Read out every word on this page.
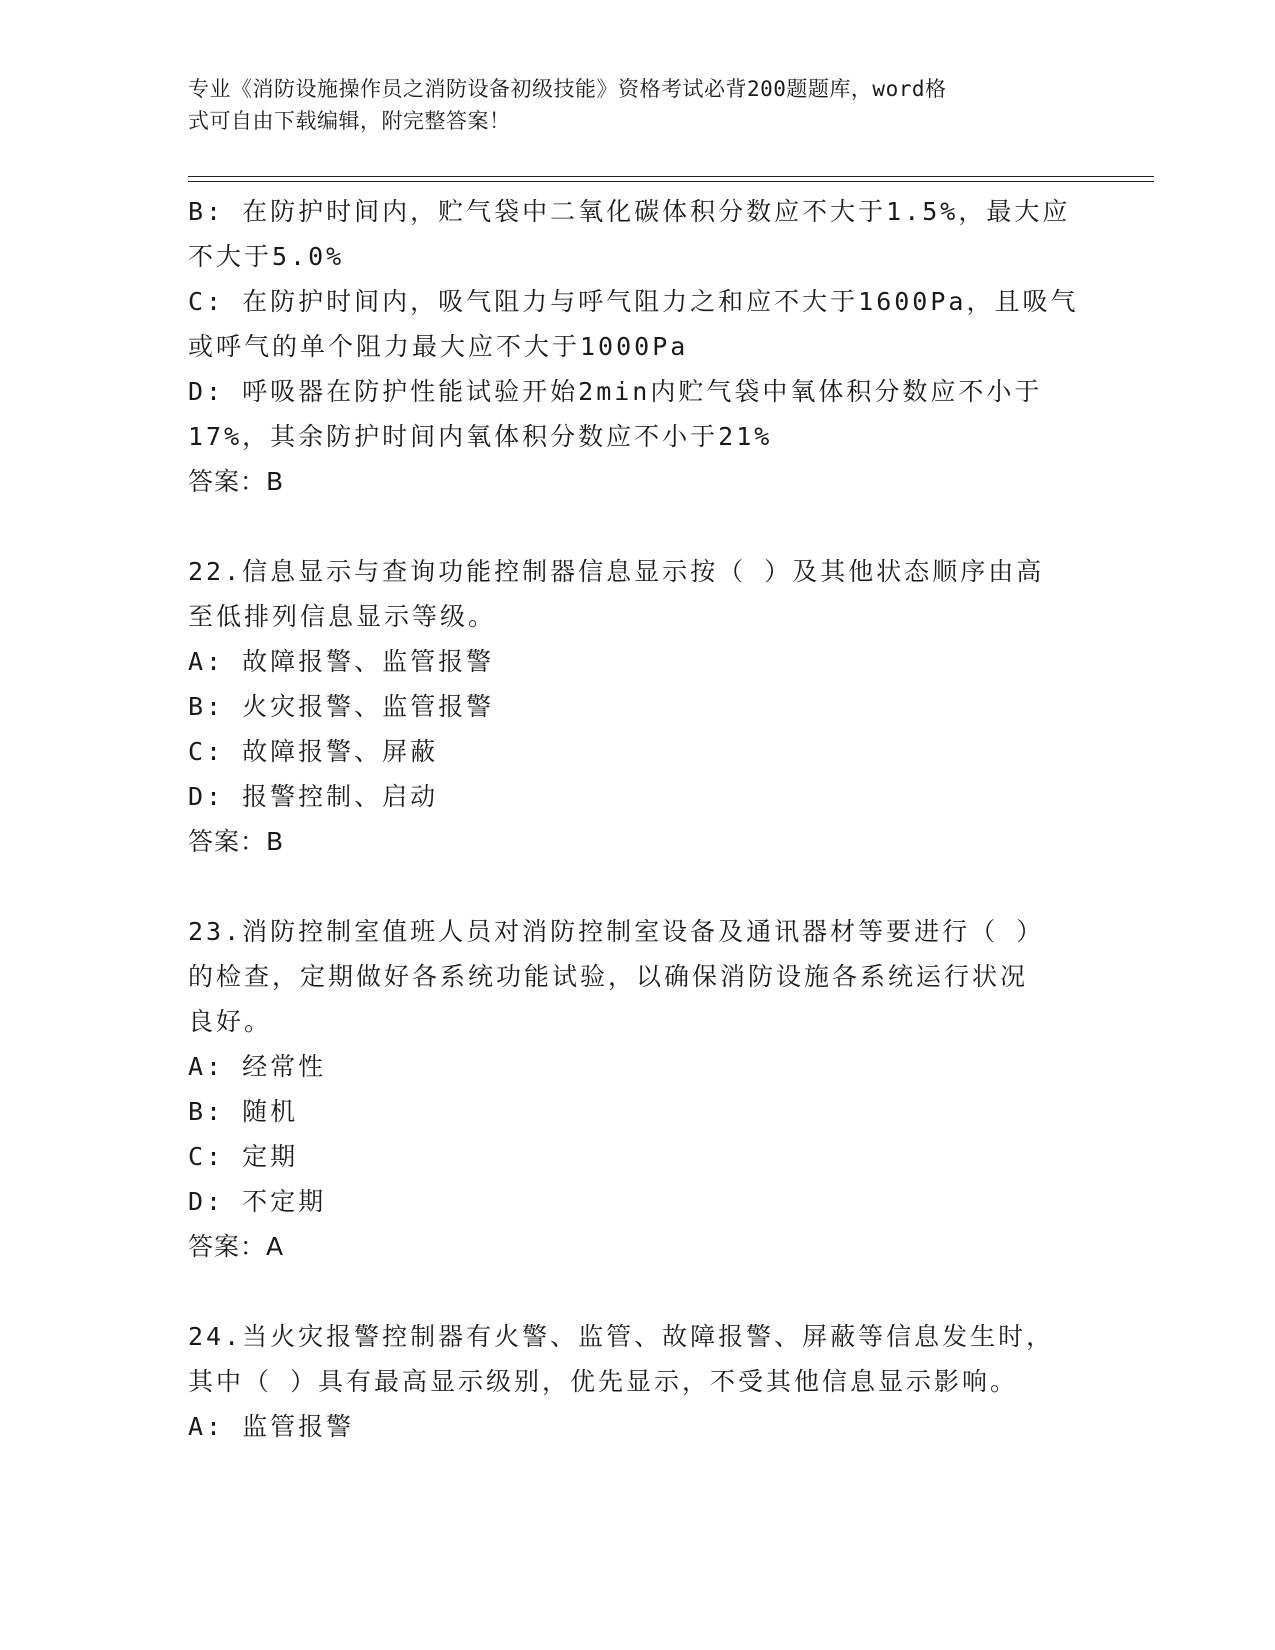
专业《消防设施操作员之消防设备初级技能》资格考试必背200题题库，word格
式可自由下载编辑，附完整答案！
B: 在防护时间内，贮气袋中二氧化碳体积分数应不大于1.5%，最大应
不大于5.0%
C: 在防护时间内，吸气阻力与呼气阻力之和应不大于1600Pa，且吸气
或呼气的单个阻力最大应不大于1000Pa
D: 呼吸器在防护性能试验开始2min内贮气袋中氧体积分数应不小于
17%，其余防护时间内氧体积分数应不小于21%
答案：B
22.信息显示与查询功能控制器信息显示按（ ）及其他状态顺序由高
至低排列信息显示等级。
A: 故障报警、监管报警
B: 火灾报警、监管报警
C: 故障报警、屏蔽
D: 报警控制、启动
答案：B
23.消防控制室值班人员对消防控制室设备及通讯器材等要进行（ ）
的检查，定期做好各系统功能试验，以确保消防设施各系统运行状况
良好。
A: 经常性
B: 随机
C: 定期
D: 不定期
答案：A
24.当火灾报警控制器有火警、监管、故障报警、屏蔽等信息发生时，
其中（ ）具有最高显示级别，优先显示，不受其他信息显示影响。
A: 监管报警
